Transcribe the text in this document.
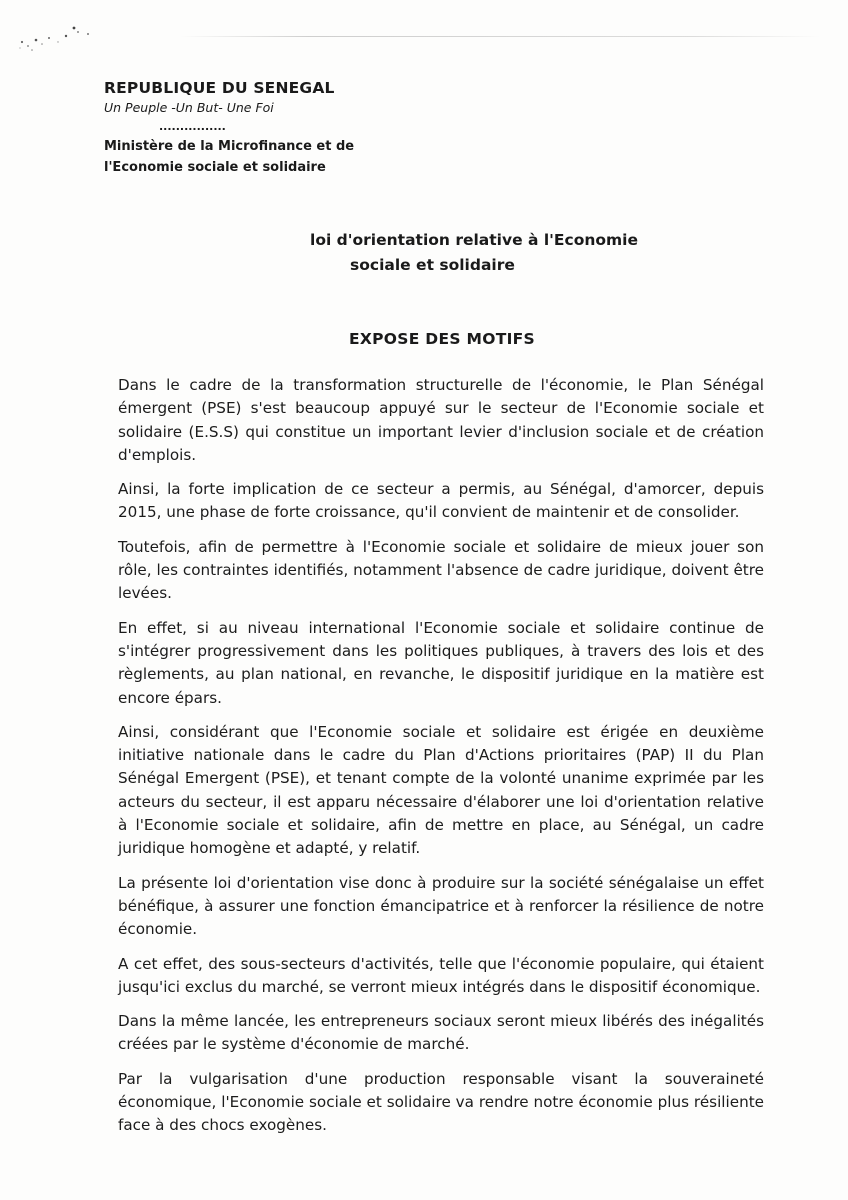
REPUBLIQUE DU SENEGAL

Un Peuple -Un But- Une Foi

................

Ministère de la Microfinance et de
l'Economie sociale et solidaire

loi d'orientation relative à l'Economie
sociale et solidaire
EXPOSE DES MOTIFS

Dans le cadre de la transformation structurelle de l'économie, le Plan Sénégal émergent (PSE) s'est beaucoup appuyé sur le secteur de l'Economie sociale et solidaire (E.S.S) qui constitue un important levier d'inclusion sociale et de création d'emplois.

Ainsi, la forte implication de ce secteur a permis, au Sénégal, d'amorcer, depuis 2015, une phase de forte croissance, qu'il convient de maintenir et de consolider.

Toutefois, afin de permettre à l'Economie sociale et solidaire de mieux jouer son rôle, les contraintes identifiés, notamment l'absence de cadre juridique, doivent être levées.

En effet, si au niveau international l'Economie sociale et solidaire continue de s'intégrer progressivement dans les politiques publiques, à travers des lois et des règlements, au plan national, en revanche, le dispositif juridique en la matière est encore épars.

Ainsi, considérant que l'Economie sociale et solidaire est érigée en deuxième initiative nationale dans le cadre du Plan d'Actions prioritaires (PAP) II du Plan Sénégal Emergent (PSE), et tenant compte de la volonté unanime exprimée par les acteurs du secteur, il est apparu nécessaire d'élaborer une loi d'orientation relative à l'Economie sociale et solidaire, afin de mettre en place, au Sénégal, un cadre juridique homogène et adapté, y relatif.

La présente loi d'orientation vise donc à produire sur la société sénégalaise un effet bénéfique, à assurer une fonction émancipatrice et à renforcer la résilience de notre économie.

A cet effet, des sous-secteurs d'activités, telle que l'économie populaire, qui étaient jusqu'ici exclus du marché, se verront mieux intégrés dans le dispositif économique.

Dans la même lancée, les entrepreneurs sociaux seront mieux libérés des inégalités créées par le système d'économie de marché.

Par la vulgarisation d'une production responsable visant la souveraineté économique, l'Economie sociale et solidaire va rendre notre économie plus résiliente face à des chocs exogènes.
